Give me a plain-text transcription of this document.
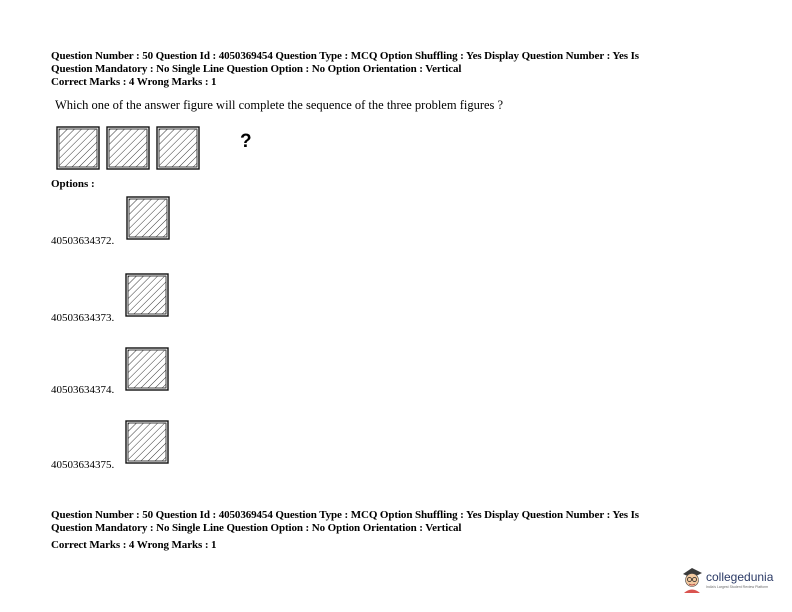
Question Number : 50 Question Id : 4050369454 Question Type : MCQ Option Shuffling : Yes Display Question Number : Yes Is

Question Mandatory : No Single Line Question Option : No Option Orientation : Vertical

Correct Marks : 4 Wrong Marks : 1

Which one of the answer figure will complete the sequence of the three problem figures ?
?
Options :
40503634372.
40503634373.
40503634374.
40503634375.

Question Number : 50 Question Id : 4050369454 Question Type : MCQ Option Shuffling : Yes Display Question Number : Yes Is

Question Mandatory : No Single Line Question Option : No Option Orientation : Vertical

Correct Marks : 4 Wrong Marks : 1

collegedunia
India's Largest Student Review Platform
